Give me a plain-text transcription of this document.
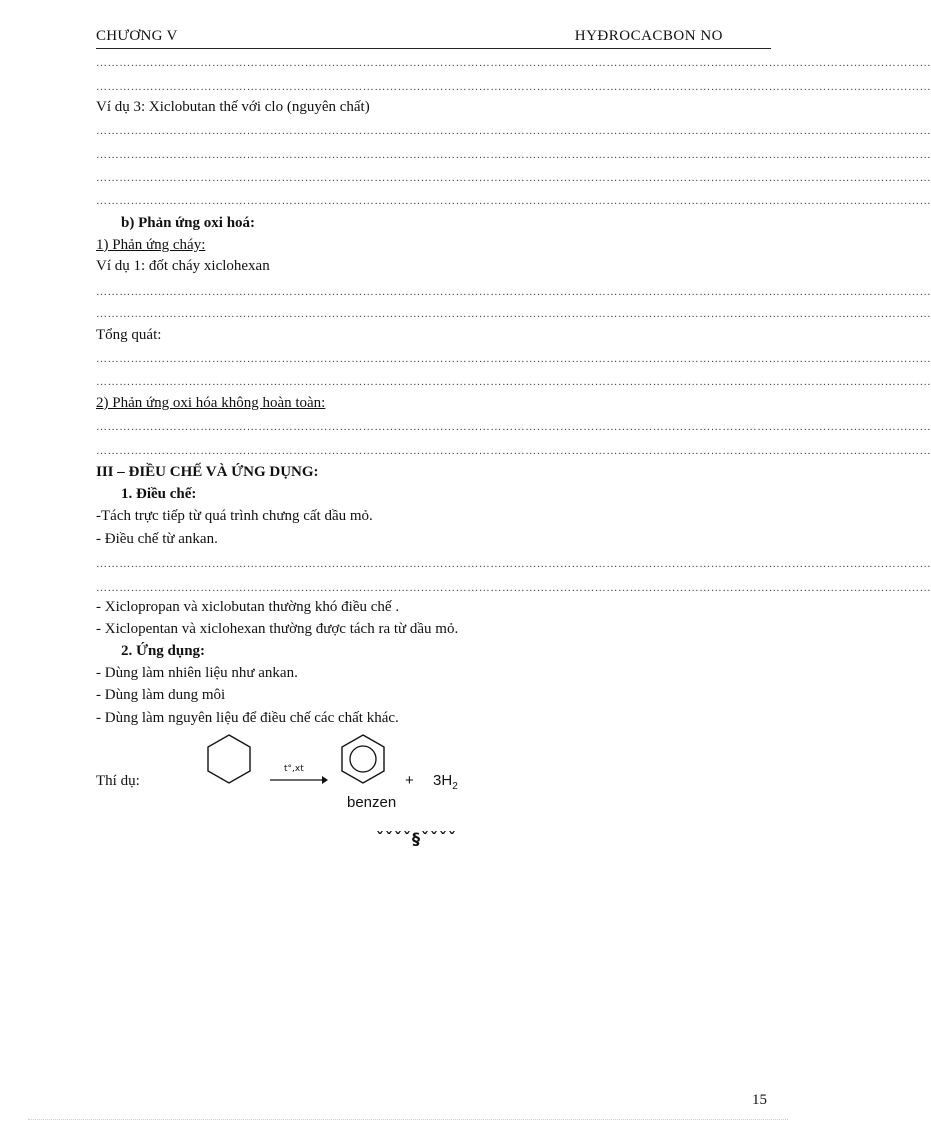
CHƯƠNG V	HYĐROCACBON NO
………………………………………………………………………………………………………………………………………………………………………………………………
………………………………………………………………………………………………………………………………………………………………………………………………
Ví dụ 3: Xiclobutan thế với clo (nguyên chất)
………………………………………………………………………………………………………………………………………………………………………………………………
………………………………………………………………………………………………………………………………………………………………………………………………
………………………………………………………………………………………………………………………………………………………………………………………………
………………………………………………………………………………………………………………………………………………………………………………………………
b) Phản ứng oxi hoá:
1) Phản ứng cháy:
Ví dụ 1: đốt cháy xiclohexan
………………………………………………………………………………………………………………………………………………………………………………………………
………………………………………………………………………………………………………………………………………………………………………………………………
Tổng quát:
………………………………………………………………………………………………………………………………………………………………………………………………
………………………………………………………………………………………………………………………………………………………………………………………………
2) Phản ứng oxi hóa không hoàn toàn:
………………………………………………………………………………………………………………………………………………………………………………………………
………………………………………………………………………………………………………………………………………………………………………………………………
III – ĐIỀU CHẾ VÀ ỨNG DỤNG:
1. Điều chế:
-Tách trực tiếp từ quá trình chưng cất dầu mỏ.
- Điều chế từ ankan.
………………………………………………………………………………………………………………………………………………………………………………………………
………………………………………………………………………………………………………………………………………………………………………………………………
- Xiclopropan và xiclobutan thường khó điều chế .
- Xiclopentan và xiclohexan thường được tách ra từ dầu mỏ.
2. Ứng dụng:
- Dùng làm nhiên liệu như ankan.
- Dùng làm dung môi
- Dùng làm nguyên liệu để điều chế các chất khác.
Thí dụ:
t°,xt
+ $3H_2$
benzen
ˇˇˇˇ§ˇˇˇˇ
15
